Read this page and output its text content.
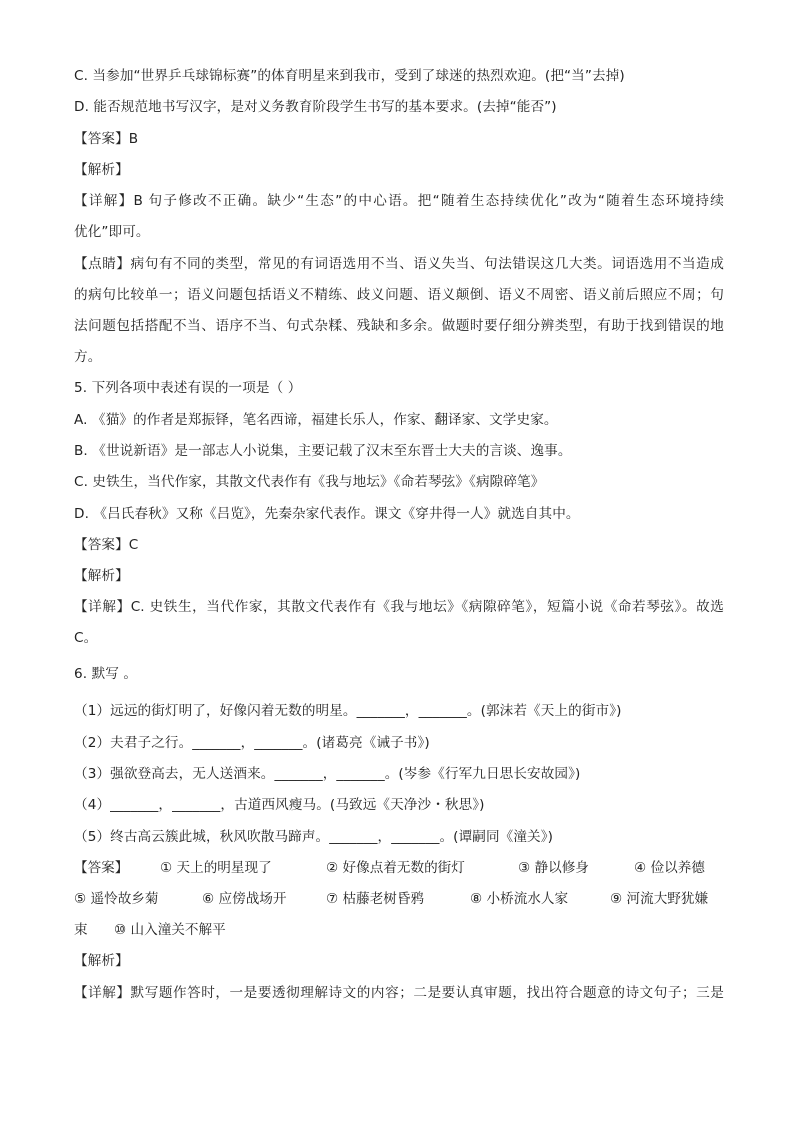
C. 当参加“世界乒乓球锦标赛”的体育明星来到我市，受到了球迷的热烈欢迎。(把“当”去掉)
D. 能否规范地书写汉字，是对义务教育阶段学生书写的基本要求。(去掉“能否”)
【答案】B
【解析】
【详解】B 句子修改不正确。缺少“生态”的中心语。把“随着生态持续优化”改为“随着生态环境持续
优化”即可。
【点睛】病句有不同的类型，常见的有词语选用不当、语义失当、句法错误这几大类。词语选用不当造成
的病句比较单一；语义问题包括语义不精练、歧义问题、语义颠倒、语义不周密、语义前后照应不周；句
法问题包括搭配不当、语序不当、句式杂糅、残缺和多余。做题时要仔细分辨类型，有助于找到错误的地
方。
5. 下列各项中表述有误的一项是（ ）
A. 《猫》的作者是郑振铎，笔名西谛，福建长乐人，作家、翻译家、文学史家。
B. 《世说新语》是一部志人小说集，主要记载了汉末至东晋士大夫的言谈、逸事。
C. 史铁生，当代作家，其散文代表作有《我与地坛》《命若琴弦》《病隙碎笔》
D. 《吕氏春秋》又称《吕览》，先秦杂家代表作。课文《穿井得一人》就选自其中。
【答案】C
【解析】
【详解】C. 史铁生，当代作家，其散文代表作有《我与地坛》《病隙碎笔》，短篇小说《命若琴弦》。故选
C。
6. 默写 。
（1）远远的街灯明了，好像闪着无数的明星。_______，_______。(郭沫若《天上的街市》)
（2）夫君子之行。_______，_______。(诸葛亮《诫子书》)
（3）强欲登高去，无人送酒来。_______，_______。(岑参《行军九日思长安故园》)
（4）_______，_______，古道西风瘦马。(马致远《天净沙・秋思》)
（5）终古高云簇此城，秋风吹散马蹄声。_______，_______。(谭嗣同《潼关》)
【答案】 ① 天上的明星现了	② 好像点着无数的街灯	③ 静以修身	④ 俭以养德
⑤ 遥怜故乡菊	⑥ 应傍战场开	⑦ 枯藤老树昏鸦	⑧ 小桥流水人家	⑨ 河流大野犹嫌
束 ⑩ 山入潼关不解平
【解析】
【详解】默写题作答时，一是要透彻理解诗文的内容；二是要认真审题，找出符合题意的诗文句子；三是
